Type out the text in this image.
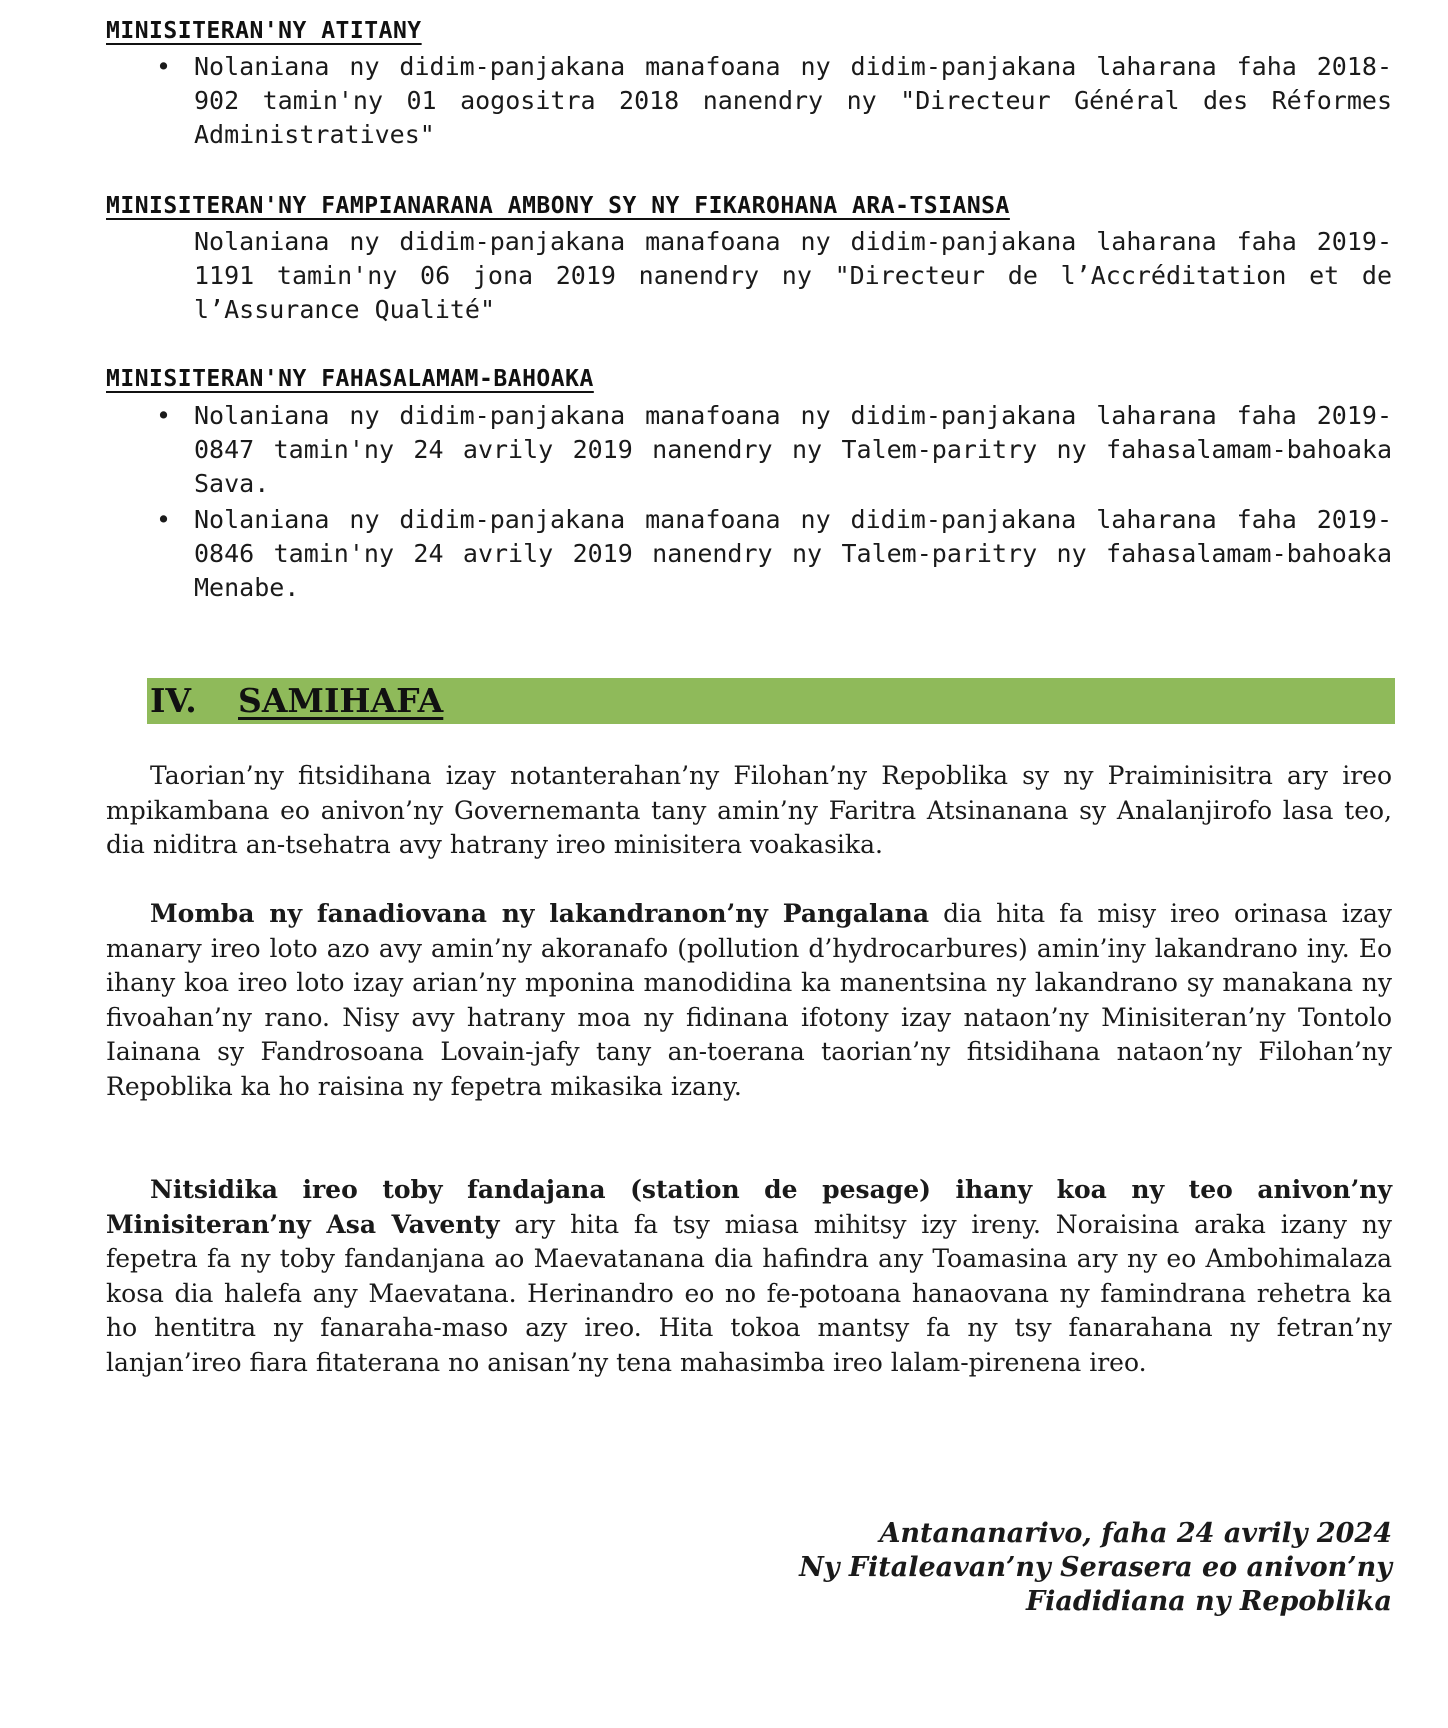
MINISITERAN'NY ATITANY
• Nolaniana ny didim-panjakana manafoana ny didim-panjakana laharana faha 2018-902 tamin'ny 01 aogositra 2018 nanendry ny "Directeur Général des Réformes Administratives"
MINISITERAN'NY FAMPIANARANA AMBONY SY NY FIKAROHANA ARA-TSIANSA
Nolaniana ny didim-panjakana manafoana ny didim-panjakana laharana faha 2019-1191 tamin'ny 06 jona 2019 nanendry ny "Directeur de l’Accréditation et de l’Assurance Qualité"
MINISITERAN'NY FAHASALAMAM-BAHOAKA
• Nolaniana ny didim-panjakana manafoana ny didim-panjakana laharana faha 2019-0847 tamin'ny 24 avrily 2019 nanendry ny Talem-paritry ny fahasalamam-bahoaka Sava.
• Nolaniana ny didim-panjakana manafoana ny didim-panjakana laharana faha 2019-0846 tamin'ny 24 avrily 2019 nanendry ny Talem-paritry ny fahasalamam-bahoaka Menabe.
IV. SAMIHAFA

Taorian’ny fitsidihana izay notanterahan’ny Filohan’ny Repoblika sy ny Praiminisitra ary ireo mpikambana eo anivon’ny Governemanta tany amin’ny Faritra Atsinanana sy Analanjirofo lasa teo, dia niditra an-tsehatra avy hatrany ireo minisitera voakasika.

Momba ny fanadiovana ny lakandranon’ny Pangalana dia hita fa misy ireo orinasa izay manary ireo loto azo avy amin’ny akoranafo (pollution d’hydrocarbures) amin’iny lakandrano iny. Eo ihany koa ireo loto izay arian’ny mponina manodidina ka manentsina ny lakandrano sy manakana ny fivoahan’ny rano. Nisy avy hatrany moa ny fidinana ifotony izay nataon’ny Minisiteran’ny Tontolo Iainana sy Fandrosoana Lovain-jafy tany an-toerana taorian’ny fitsidihana nataon’ny Filohan’ny Repoblika ka ho raisina ny fepetra mikasika izany.

Nitsidika ireo toby fandajana (station de pesage) ihany koa ny teo anivon’ny Minisiteran’ny Asa Vaventy ary hita fa tsy miasa mihitsy izy ireny. Noraisina araka izany ny fepetra fa ny toby fandanjana ao Maevatanana dia hafindra any Toamasina ary ny eo Ambohimalaza kosa dia halefa any Maevatana. Herinandro eo no fe-potoana hanaovana ny famindrana rehetra ka ho hentitra ny fanaraha-maso azy ireo. Hita tokoa mantsy fa ny tsy fanarahana ny fetran’ny lanjan’ireo fiara fitaterana no anisan’ny tena mahasimba ireo lalam-pirenena ireo.

Antananarivo, faha 24 avrily 2024

Ny Fitaleavan’ny Serasera eo anivon’ny

Fiadidiana ny Repoblika
